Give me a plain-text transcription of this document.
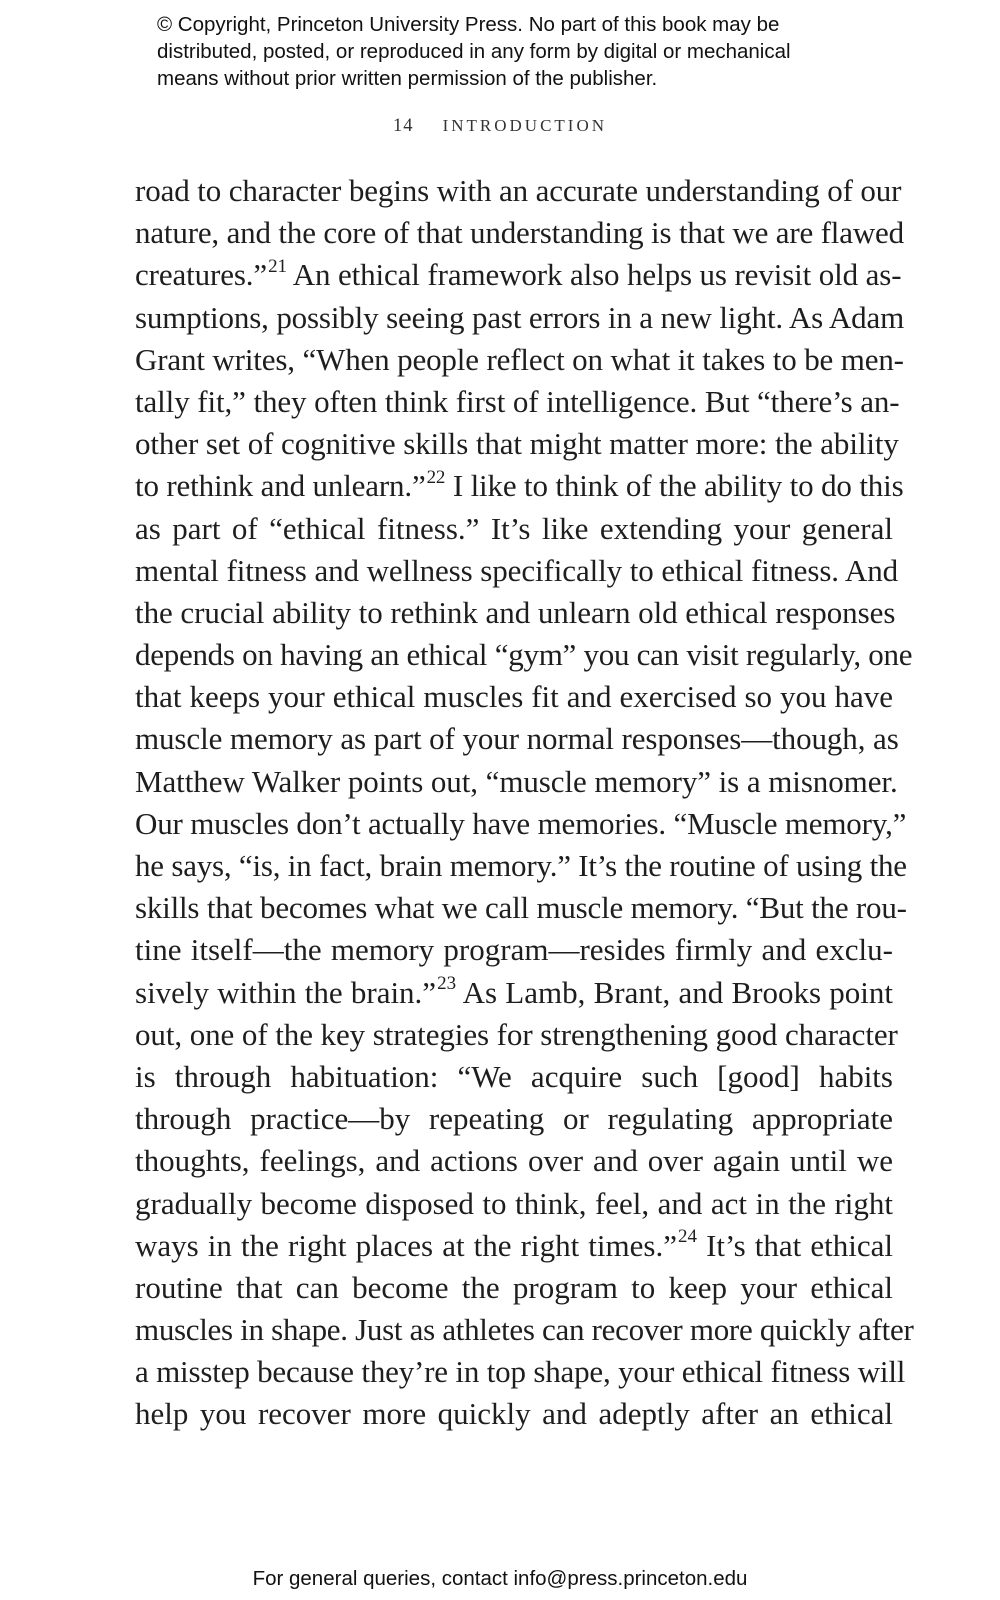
© Copyright, Princeton University Press. No part of this book may be
distributed, posted, or reproduced in any form by digital or mechanical
means without prior written permission of the publisher.
14 INTRODUCTION
road to character begins with an accurate understanding of our
nature, and the core of that understanding is that we are flawed
creatures.”$^{21}$ An ethical framework also helps us revisit old as-
sumptions, possibly seeing past errors in a new light. As Adam
Grant writes, “When people reflect on what it takes to be men-
tally fit,” they often think first of intelligence. But “there’s an-
other set of cognitive skills that might matter more: the ability
to rethink and unlearn.”$^{22}$ I like to think of the ability to do this
as part of “ethical fitness.” It’s like extending your general
mental fitness and wellness specifically to ethical fitness. And
the crucial ability to rethink and unlearn old ethical responses
depends on having an ethical “gym” you can visit regularly, one
that keeps your ethical muscles fit and exercised so you have
muscle memory as part of your normal responses—though, as
Matthew Walker points out, “muscle memory” is a misnomer.
Our muscles don’t actually have memories. “Muscle memory,”
he says, “is, in fact, brain memory.” It’s the routine of using the
skills that becomes what we call muscle memory. “But the rou-
tine itself—the memory program—resides firmly and exclu-
sively within the brain.”$^{23}$ As Lamb, Brant, and Brooks point
out, one of the key strategies for strengthening good character
is through habituation: “We acquire such [good] habits
through practice—by repeating or regulating appropriate
thoughts, feelings, and actions over and over again until we
gradually become disposed to think, feel, and act in the right
ways in the right places at the right times.”$^{24}$ It’s that ethical
routine that can become the program to keep your ethical
muscles in shape. Just as athletes can recover more quickly after
a misstep because they’re in top shape, your ethical fitness will
help you recover more quickly and adeptly after an ethical
For general queries, contact info@press.princeton.edu
